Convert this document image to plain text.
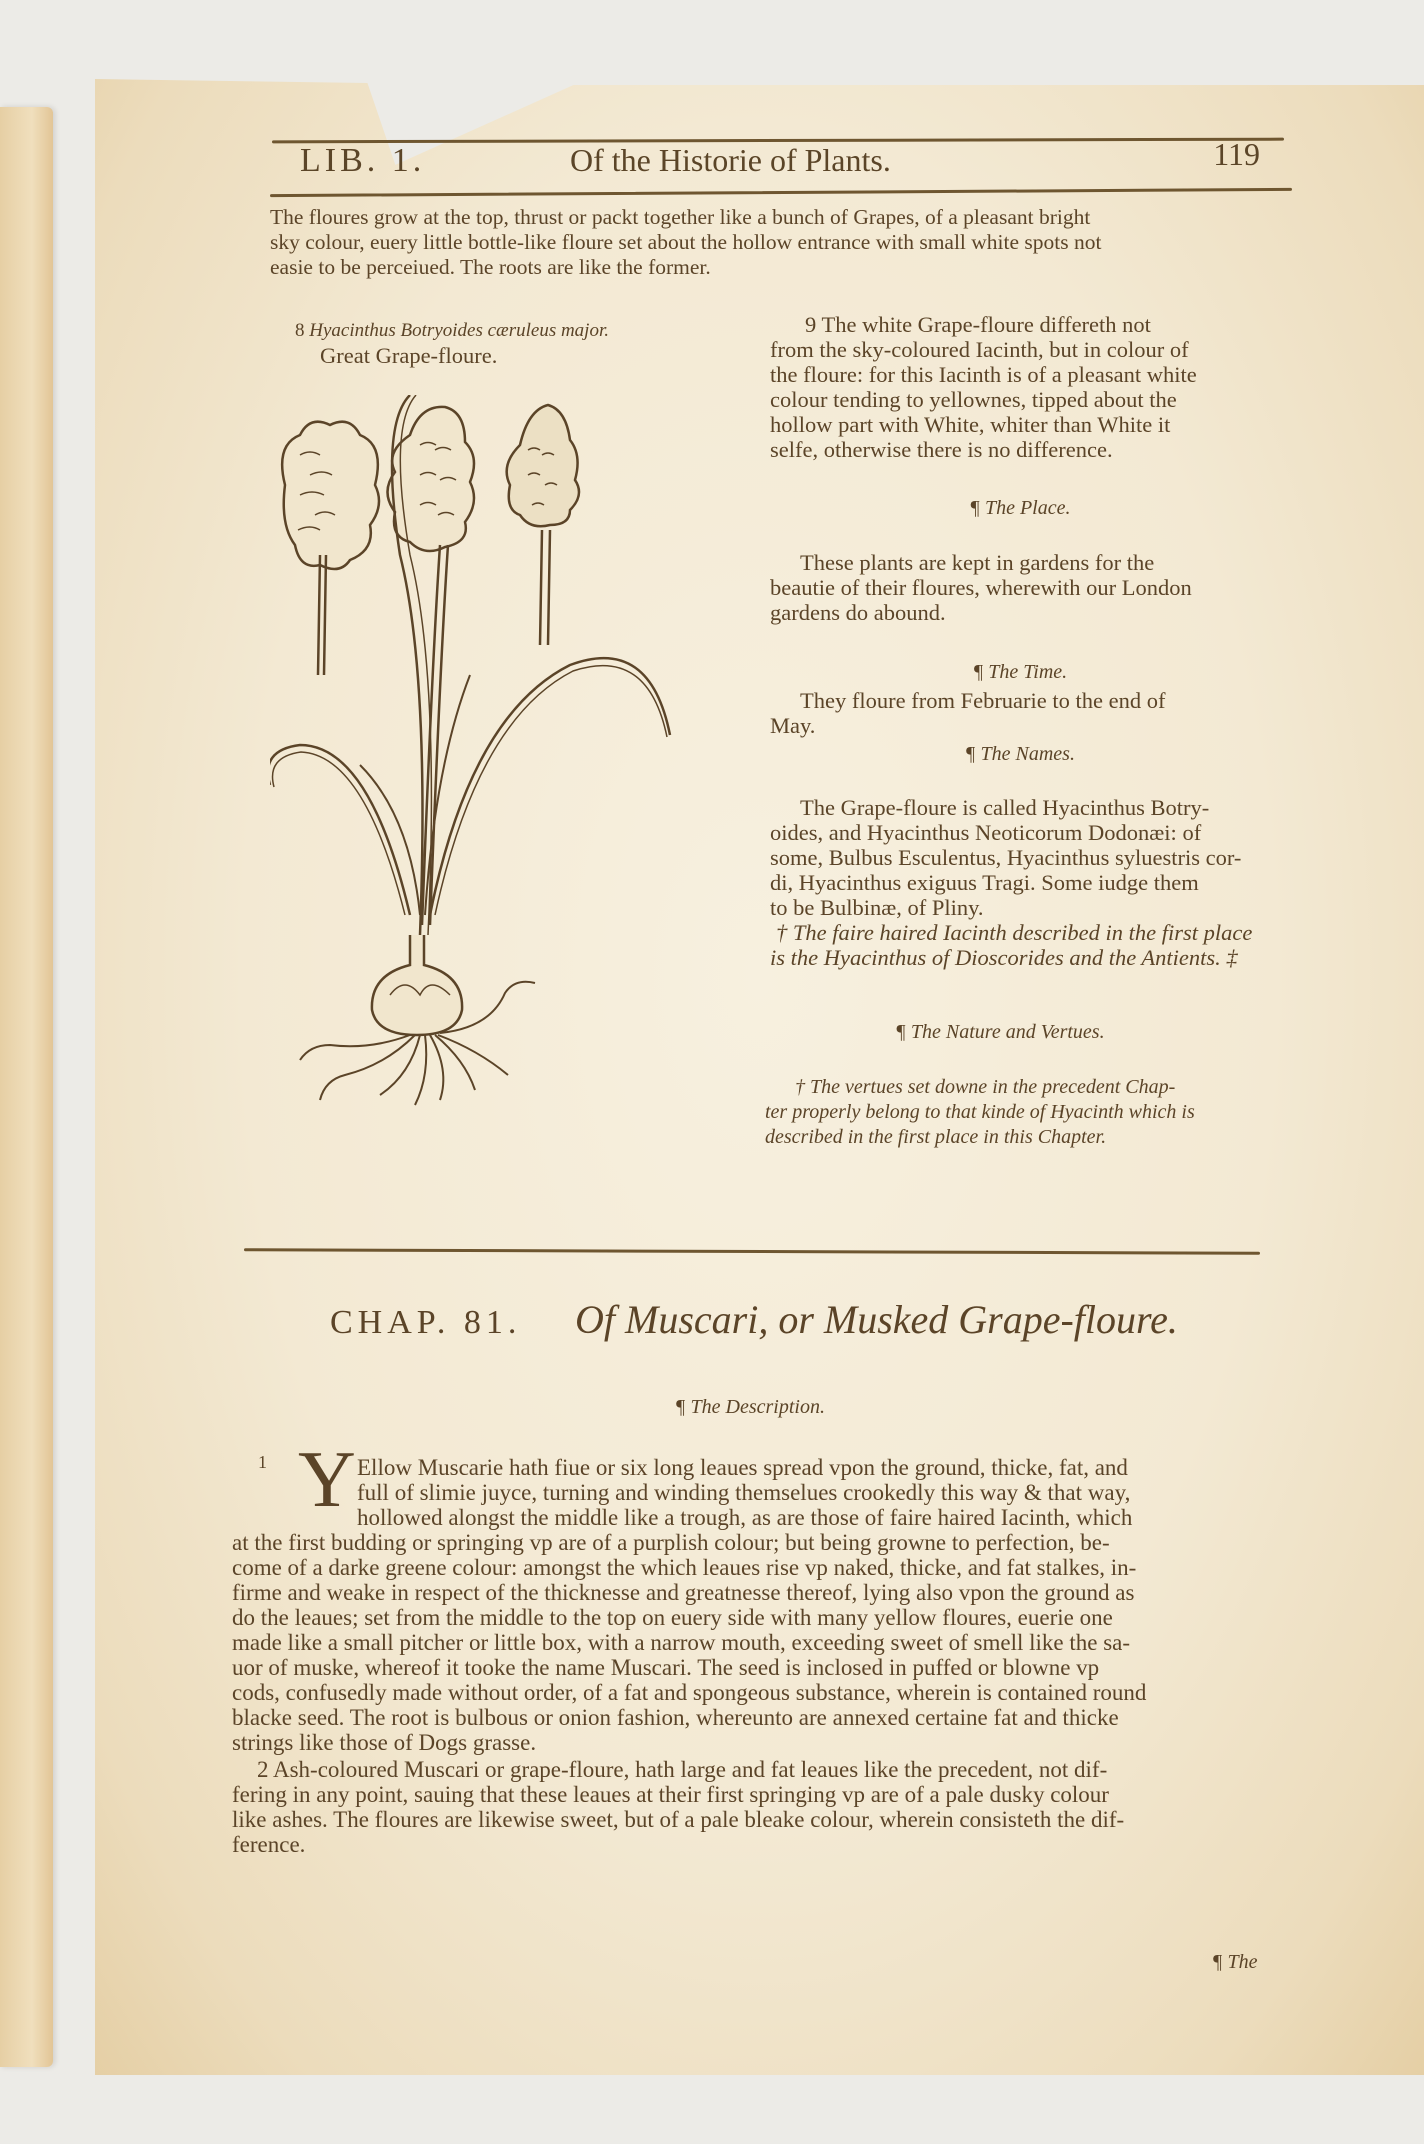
LIB. 1.	Of the Historie of Plants.	119
The floures grow at the top, thrust or packt together like a bunch of Grapes, of a pleasant bright
sky colour, euery little bottle-like floure set about the hollow entrance with small white spots not
easie to be perceiued. The roots are like the former.
8 Hyacinthus Botryoides cæruleus major.
Great Grape-floure.
9 The white Grape-floure differeth not
from the sky-coloured Iacinth, but in colour of
the floure: for this Iacinth is of a pleasant white
colour tending to yellownes, tipped about the
hollow part with White, whiter than White it
selfe, otherwise there is no difference.
¶ The Place.
These plants are kept in gardens for the
beautie of their floures, wherewith our London
gardens do abound.
¶ The Time.
They floure from Februarie to the end of
May.
¶ The Names.
The Grape-floure is called Hyacinthus Botry-
oides, and Hyacinthus Neoticorum Dodonæi: of
some, Bulbus Esculentus, Hyacinthus syluestris cor-
di, Hyacinthus exiguus Tragi. Some iudge them
to be Bulbinæ, of Pliny.
† The faire haired Iacinth described in the first place
is the Hyacinthus of Dioscorides and the Antients. ‡
¶ The Nature and Vertues.
† The vertues set downe in the precedent Chap-
ter properly belong to that kinde of Hyacinth which is
described in the first place in this Chapter.
CHAP. 81. Of Muscari, or Musked Grape-floure.
¶ The Description.
1 Y Ellow Muscarie hath fiue or six long leaues spread vpon the ground, thicke, fat, and
full of slimie juyce, turning and winding themselues crookedly this way & that way,
hollowed alongst the middle like a trough, as are those of faire haired Iacinth, which
at the first budding or springing vp are of a purplish colour; but being growne to perfection, be-
come of a darke greene colour: amongst the which leaues rise vp naked, thicke, and fat stalkes, in-
firme and weake in respect of the thicknesse and greatnesse thereof, lying also vpon the ground as
do the leaues; set from the middle to the top on euery side with many yellow floures, euerie one
made like a small pitcher or little box, with a narrow mouth, exceeding sweet of smell like the sa-
uor of muske, whereof it tooke the name Muscari. The seed is inclosed in puffed or blowne vp
cods, confusedly made without order, of a fat and spongeous substance, wherein is contained round
blacke seed. The root is bulbous or onion fashion, whereunto are annexed certaine fat and thicke
strings like those of Dogs grasse.
2 Ash-coloured Muscari or grape-floure, hath large and fat leaues like the precedent, not dif-
fering in any point, sauing that these leaues at their first springing vp are of a pale dusky colour
like ashes. The floures are likewise sweet, but of a pale bleake colour, wherein consisteth the dif-
ference.
¶ The
